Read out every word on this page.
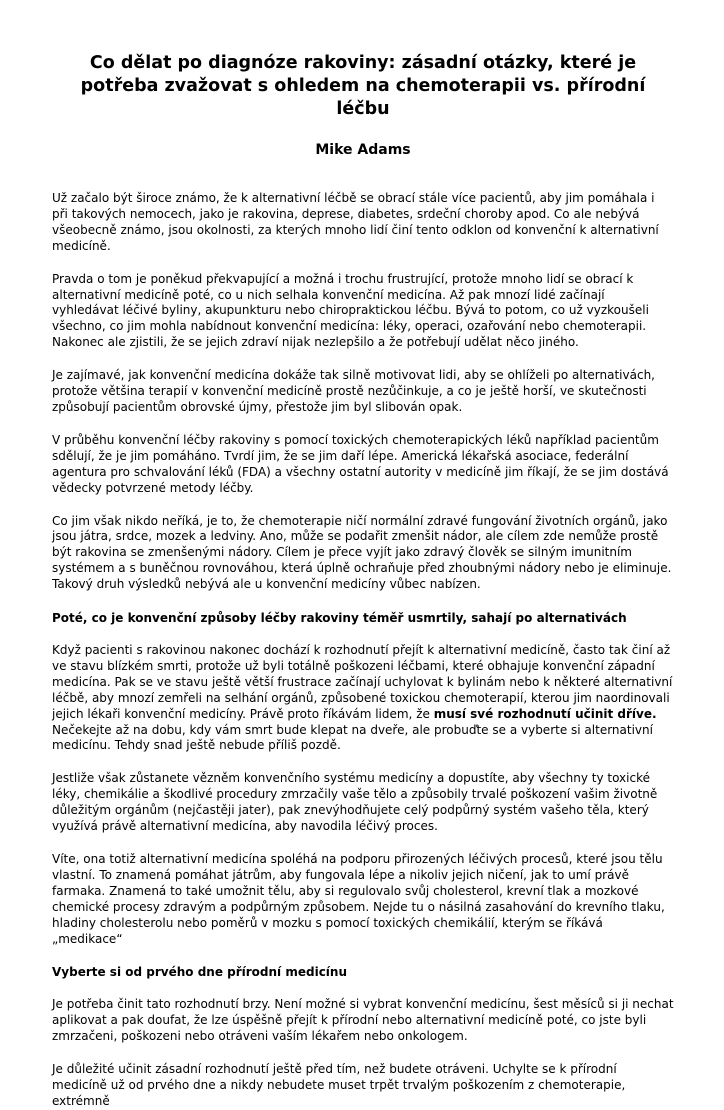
Co dělat po diagnóze rakoviny: zásadní otázky, které je potřeba zvažovat s ohledem na chemoterapii vs. přírodní léčbu
Mike Adams

Už začalo být široce známo, že k alternativní léčbě se obrací stále více pacientů, aby jim pomáhala i při takových nemocech, jako je rakovina, deprese, diabetes, srdeční choroby apod. Co ale nebývá všeobecně známo, jsou okolnosti, za kterých mnoho lidí činí tento odklon od konvenční k alternativní medicíně.

Pravda o tom je poněkud překvapující a možná i trochu frustrující, protože mnoho lidí se obrací k alternativní medicíně poté, co u nich selhala konvenční medicína. Až pak mnozí lidé začínají vyhledávat léčivé byliny, akupunkturu nebo chiropraktickou léčbu. Bývá to potom, co už vyzkoušeli všechno, co jim mohla nabídnout konvenční medicína: léky, operaci, ozařování nebo chemoterapii. Nakonec ale zjistili, že se jejich zdraví nijak nezlepšilo a že potřebují udělat něco jiného.

Je zajímavé, jak konvenční medicína dokáže tak silně motivovat lidi, aby se ohlíželi po alternativách, protože většina terapií v konvenční medicíně prostě nezůčinkuje, a co je ještě horší, ve skutečnosti způsobují pacientům obrovské újmy, přestože jim byl slibován opak.

V průběhu konvenční léčby rakoviny s pomocí toxických chemoterapických léků například pacientům sdělují, že je jim pomáháno. Tvrdí jim, že se jim daří lépe. Americká lékařská asociace, federální agentura pro schvalování léků (FDA) a všechny ostatní autority v medicíně jim říkají, že se jim dostává vědecky potvrzené metody léčby.

Co jim však nikdo neříká, je to, že chemoterapie ničí normální zdravé fungování životních orgánů, jako jsou játra, srdce, mozek a ledviny. Ano, může se podařit zmenšit nádor, ale cílem zde nemůže prostě být rakovina se zmenšenými nádory. Cílem je přece vyjít jako zdravý člověk se silným imunitním systémem a s buněčnou rovnováhou, která úplně ochraňuje před zhoubnými nádory nebo je eliminuje. Takový druh výsledků nebývá ale u konvenční medicíny vůbec nabízen.

Poté, co je konvenční způsoby léčby rakoviny téměř usmrtily, sahají po alternativách

Když pacienti s rakovinou nakonec dochází k rozhodnutí přejít k alternativní medicíně, často tak činí až ve stavu blízkém smrti, protože už byli totálně poškozeni léčbami, které obhajuje konvenční západní medicína. Pak se ve stavu ještě větší frustrace začínají uchylovat k bylinám nebo k některé alternativní léčbě, aby mnozí zemřeli na selhání orgánů, způsobené toxickou chemoterapií, kterou jim naordinovali jejich lékaři konvenční medicíny. Právě proto říkávám lidem, že musí své rozhodnutí učinit dříve. Nečekejte až na dobu, kdy vám smrt bude klepat na dveře, ale probuďte se a vyberte si alternativní medicínu. Tehdy snad ještě nebude příliš pozdě.

Jestliže však zůstanete vězněm konvenčního systému medicíny a dopustíte, aby všechny ty toxické léky, chemikálie a škodlivé procedury zmrzačily vaše tělo a způsobily trvalé poškození vašim životně důležitým orgánům (nejčastěji jater), pak znevýhodňujete celý podpůrný systém vašeho těla, který využívá právě alternativní medicína, aby navodila léčivý proces.

Víte, ona totiž alternativní medicína spoléhá na podporu přirozených léčivých procesů, které jsou tělu vlastní. To znamená pomáhat játrům, aby fungovala lépe a nikoliv jejich ničení, jak to umí právě farmaka. Znamená to také umožnit tělu, aby si regulovalo svůj cholesterol, krevní tlak a mozkové chemické procesy zdravým a podpůrným způsobem. Nejde tu o násilná zasahování do krevního tlaku, hladiny cholesterolu nebo poměrů v mozku s pomocí toxických chemikálií, kterým se říkává „medikace“

Vyberte si od prvého dne přírodní medicínu

Je potřeba činit tato rozhodnutí brzy. Není možné si vybrat konvenční medicínu, šest měsíců si ji nechat aplikovat a pak doufat, že lze úspěšně přejít k přírodní nebo alternativní medicíně poté, co jste byli zmrzačeni, poškozeni nebo otráveni vaším lékařem nebo onkologem.

Je důležité učinit zásadní rozhodnutí ještě před tím, než budete otráveni. Uchylte se k přírodní medicíně už od prvého dne a nikdy nebudete muset trpět trvalým poškozením z chemoterapie, extrémně
